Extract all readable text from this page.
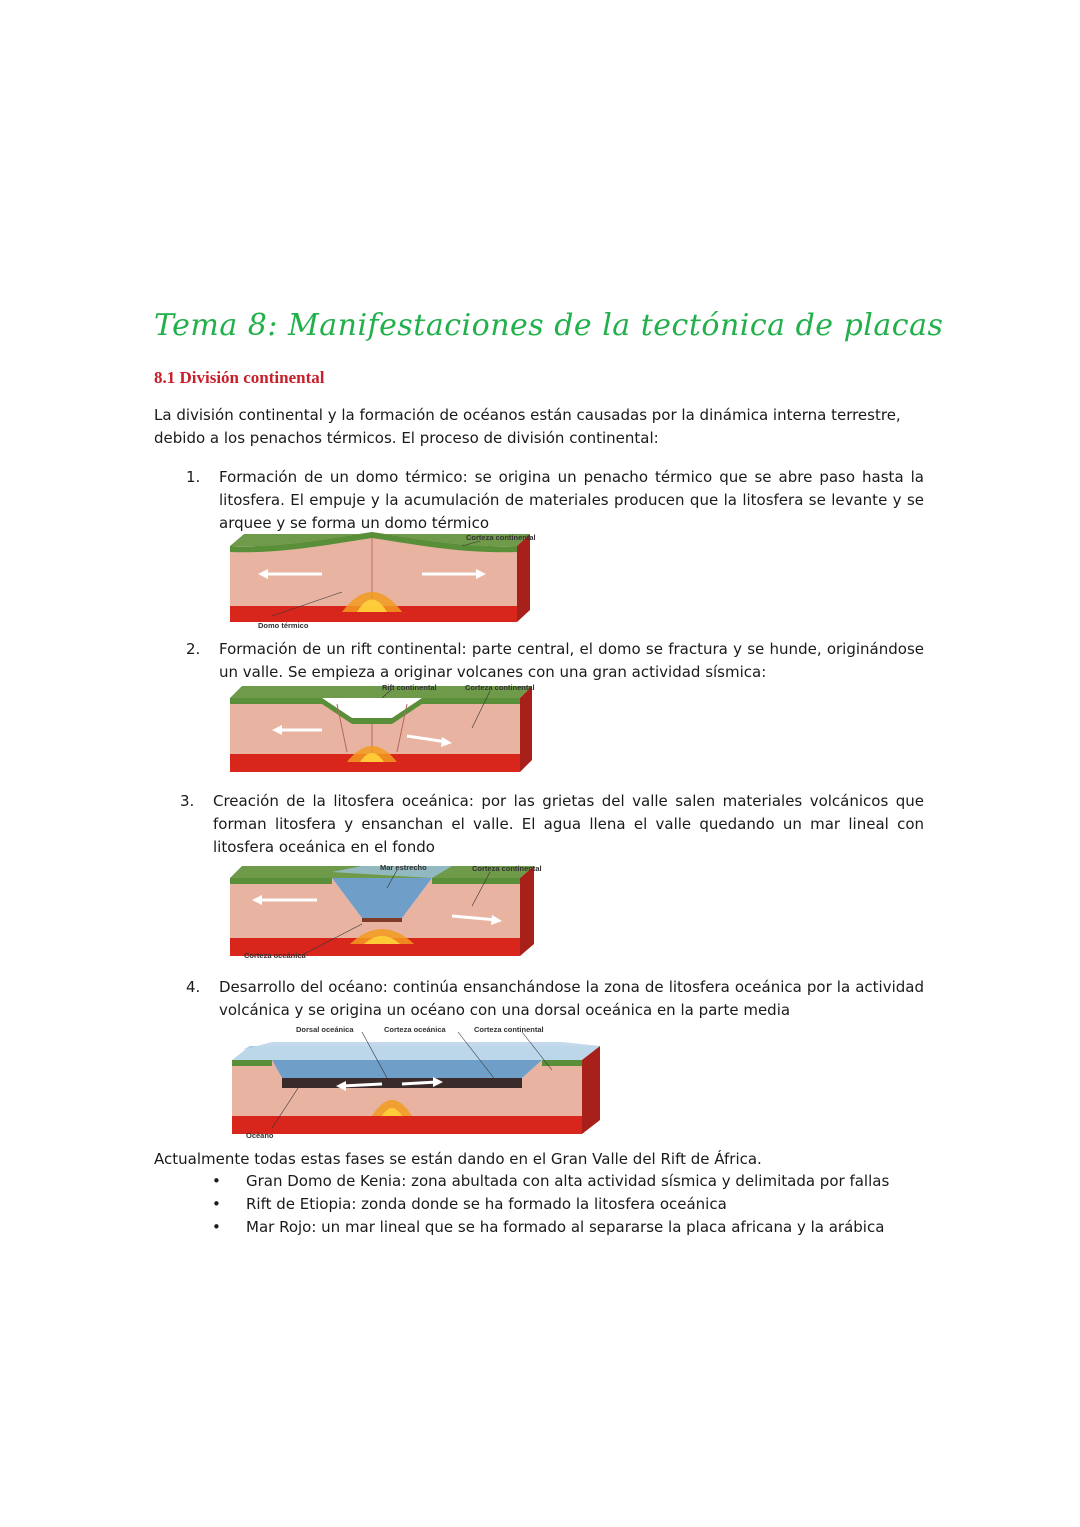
Tema 8: Manifestaciones de la tectónica de placas
8.1 División continental

La división continental y la formación de océanos están causadas por la dinámica interna terrestre, debido a los penachos térmicos. El proceso de división continental:

1. Formación de un domo térmico: se origina un penacho térmico que se abre paso hasta la litosfera. El empuje y la acumulación de materiales producen que la litosfera se levante y se arquee y se forma un domo térmico
Corteza continental
Domo térmico
2. Formación de un rift continental: parte central, el domo se fractura y se hunde, originándose un valle. Se empieza a originar volcanes con una gran actividad sísmica:
Rift continental	Corteza continental
3. Creación de la litosfera oceánica: por las grietas del valle salen materiales volcánicos que forman litosfera y ensanchan el valle. El agua llena el valle quedando un mar lineal con litosfera oceánica en el fondo
Mar estrecho	Corteza continental
Corteza oceánica
4. Desarrollo del océano: continúa ensanchándose la zona de litosfera oceánica por la actividad volcánica y se origina un océano con una dorsal oceánica en la parte media
Dorsal oceánica	Corteza oceánica	Corteza continental
Océano

Actualmente todas estas fases se están dando en el Gran Valle del Rift de África.

• Gran Domo de Kenia: zona abultada con alta actividad sísmica y delimitada por fallas
• Rift de Etiopia: zonda donde se ha formado la litosfera oceánica
• Mar Rojo: un mar lineal que se ha formado al separarse la placa africana y la arábica
